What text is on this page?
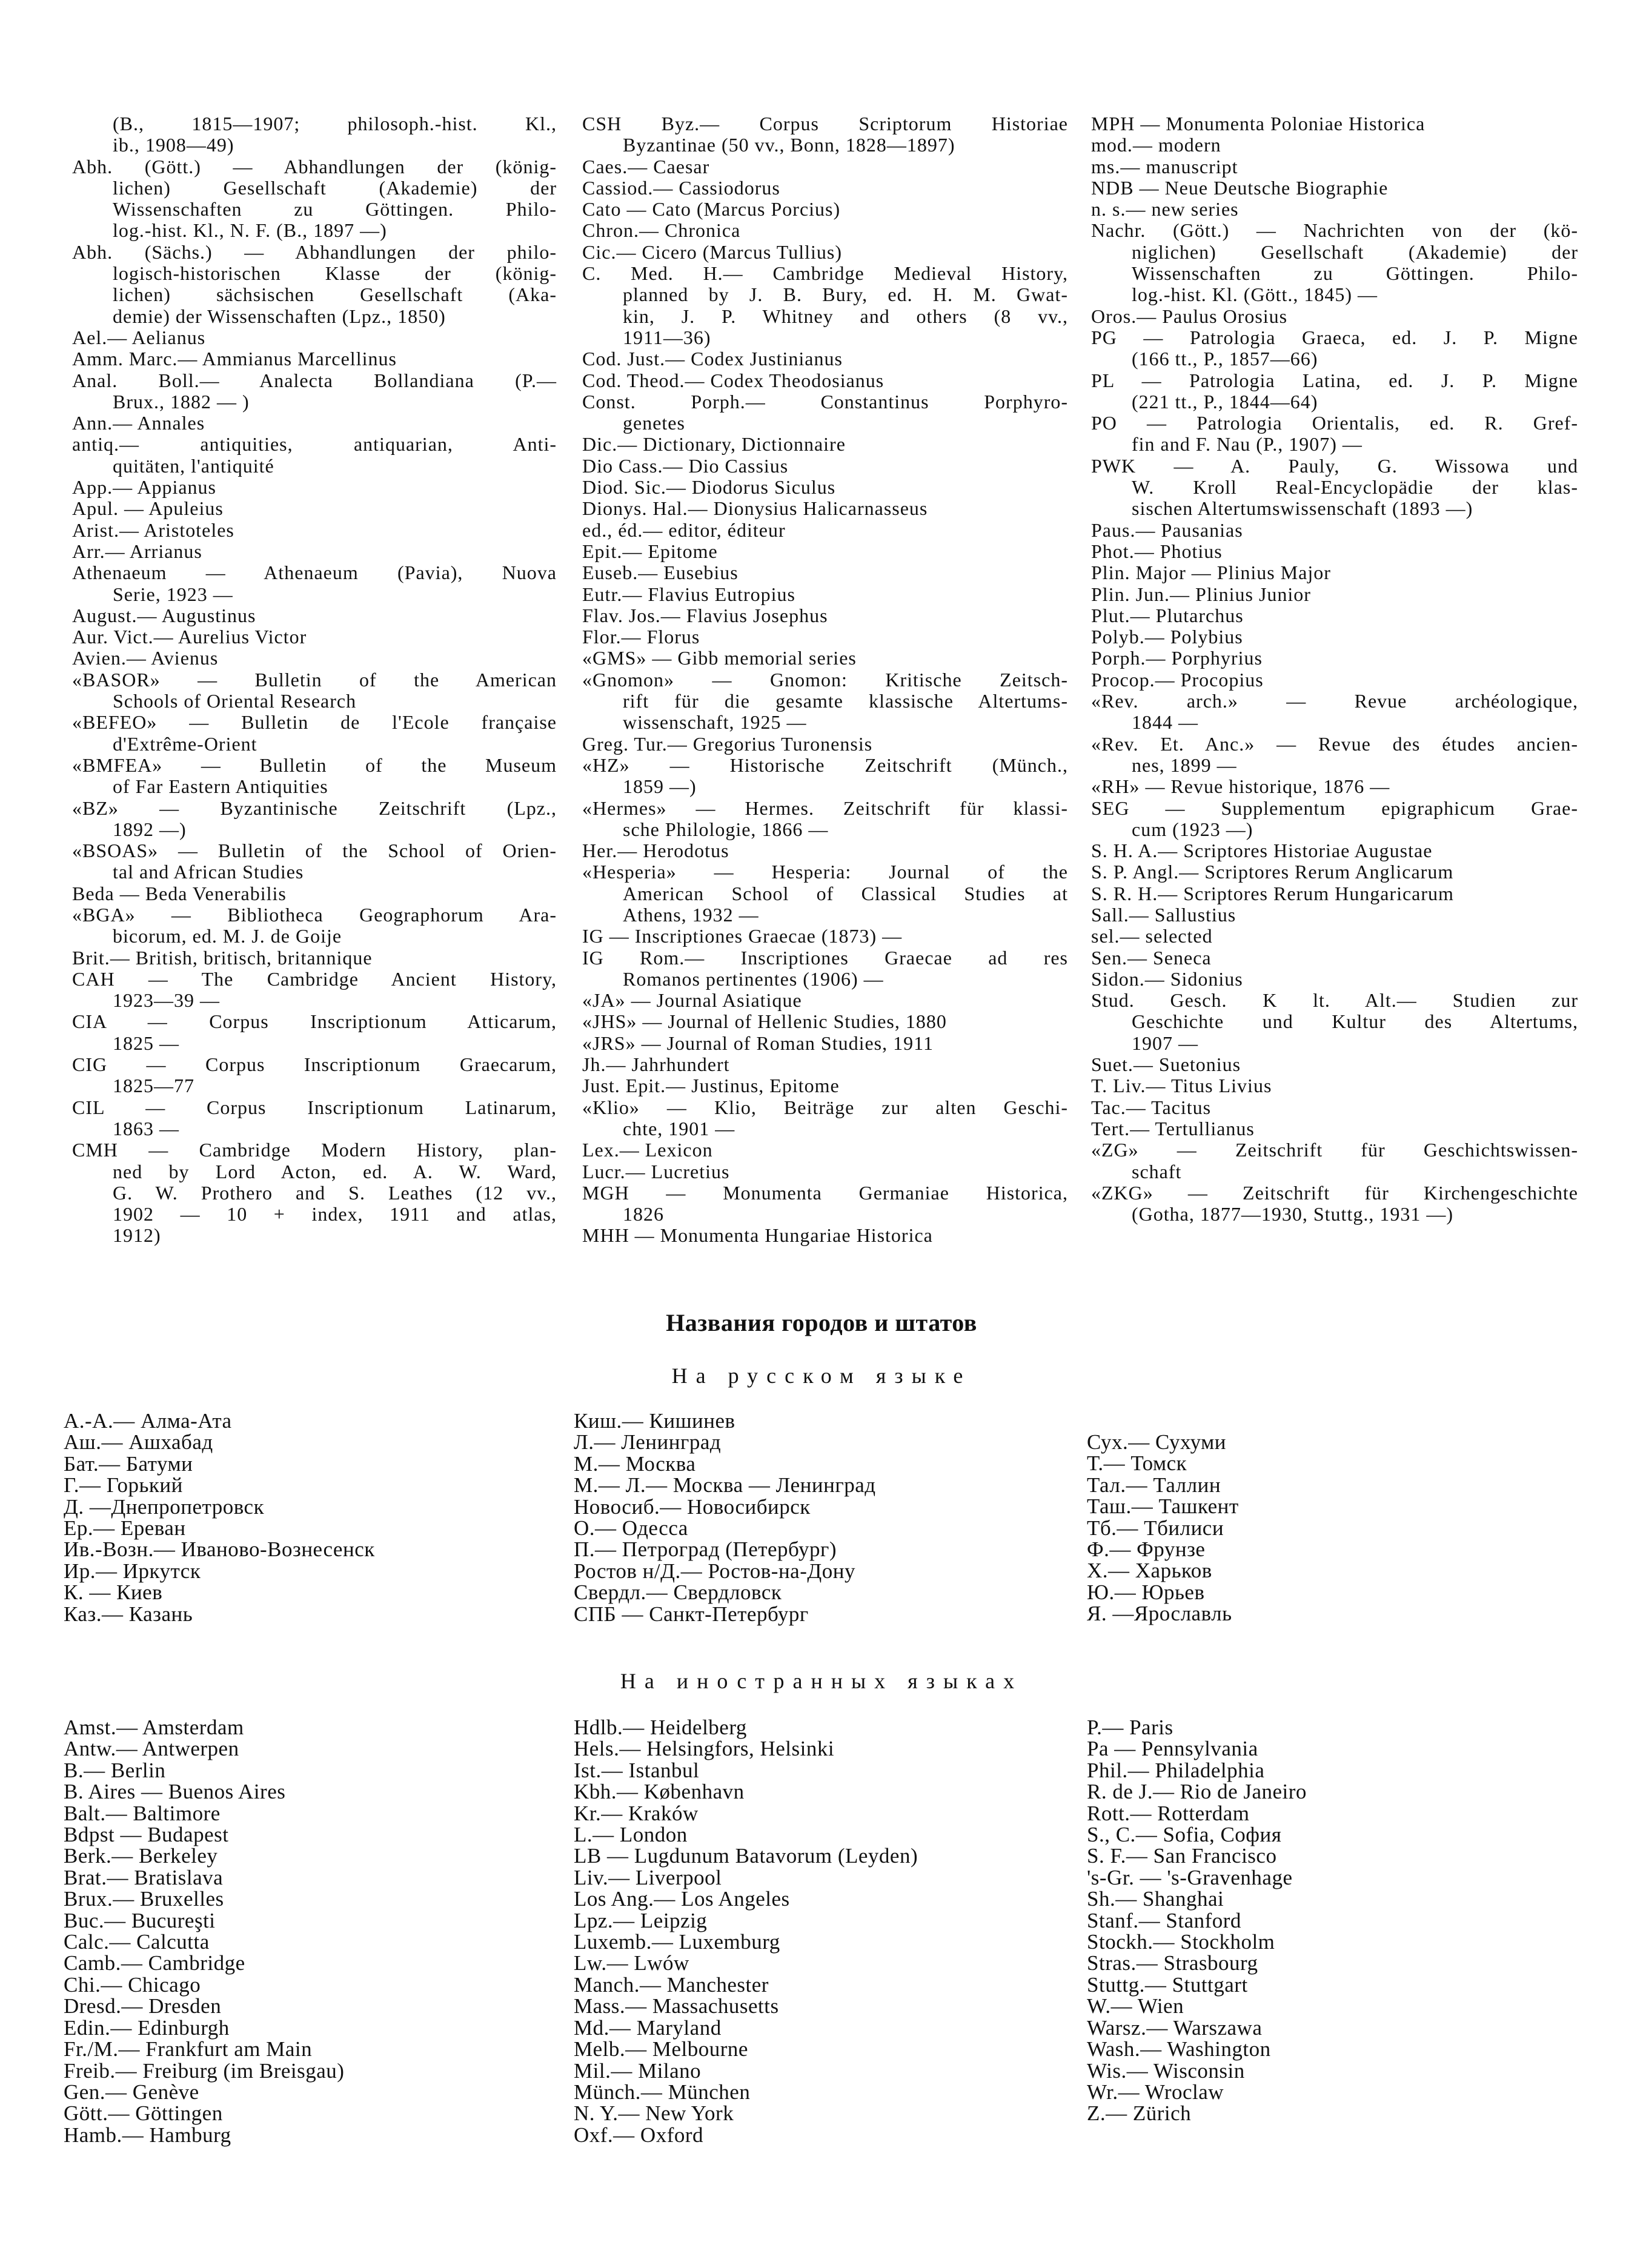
(B., 1815—1907; philosoph.-hist. Kl.,
ib., 1908—49)
Abh. (Gött.) — Abhandlungen der (könig-
lichen) Gesellschaft (Akademie) der
Wissenschaften zu Göttingen. Philo-
log.-hist. Kl., N. F. (B., 1897 —)
Abh. (Sächs.) — Abhandlungen der philo-
logisch-historischen Klasse der (könig-
lichen) sächsischen Gesellschaft (Aka-
demie) der Wissenschaften (Lpz., 1850)
Ael.— Aelianus
Amm. Marc.— Ammianus Marcellinus
Anal. Boll.— Analecta Bollandiana (P.—
Brux., 1882 — )
Ann.— Annales
antiq.— antiquities, antiquarian, Anti-
quitäten, l'antiquité
App.— Appianus
Apul. — Apuleius
Arist.— Aristoteles
Arr.— Arrianus
Athenaeum — Athenaeum (Pavia), Nuova
Serie, 1923 —
August.— Augustinus
Aur. Vict.— Aurelius Victor
Avien.— Avienus
«BASOR» — Bulletin of the American
Schools of Oriental Research
«BEFEO» — Bulletin de l'Ecole française
d'Extrême-Orient
«BMFEA» — Bulletin of the Museum
of Far Eastern Antiquities
«BZ» — Byzantinische Zeitschrift (Lpz.,
1892 —)
«BSOAS» — Bulletin of the School of Orien-
tal and African Studies
Beda — Beda Venerabilis
«BGA» — Bibliotheca Geographorum Ara-
bicorum, ed. M. J. de Goije
Brit.— British, britisch, britannique
CAH — The Cambridge Ancient History,
1923—39 —
CIA — Corpus Inscriptionum Atticarum,
1825 —
CIG — Corpus Inscriptionum Graecarum,
1825—77
CIL — Corpus Inscriptionum Latinarum,
1863 —
CMH — Cambridge Modern History, plan-
ned by Lord Acton, ed. A. W. Ward,
G. W. Prothero and S. Leathes (12 vv.,
1902 — 10 + index, 1911 and atlas,
1912)
CSH Byz.— Corpus Scriptorum Historiae
Byzantinae (50 vv., Bonn, 1828—1897)
Caes.— Caesar
Cassiod.— Cassiodorus
Cato — Cato (Marcus Porcius)
Chron.— Chronica
Cic.— Cicero (Marcus Tullius)
C. Med. H.— Cambridge Medieval History,
planned by J. B. Bury, ed. H. M. Gwat-
kin, J. P. Whitney and others (8 vv.,
1911—36)
Cod. Just.— Codex Justinianus
Cod. Theod.— Codex Theodosianus
Const. Porph.— Constantinus Porphyro-
genetes
Dic.— Dictionary, Dictionnaire
Dio Cass.— Dio Cassius
Diod. Sic.— Diodorus Siculus
Dionys. Hal.— Dionysius Halicarnasseus
ed., éd.— editor, éditeur
Epit.— Epitome
Euseb.— Eusebius
Eutr.— Flavius Eutropius
Flav. Jos.— Flavius Josephus
Flor.— Florus
«GMS» — Gibb memorial series
«Gnomon» — Gnomon: Kritische Zeitsch-
rift für die gesamte klassische Altertums-
wissenschaft, 1925 —
Greg. Tur.— Gregorius Turonensis
«HZ» — Historische Zeitschrift (Münch.,
1859 —)
«Hermes» — Hermes. Zeitschrift für klassi-
sche Philologie, 1866 —
Her.— Herodotus
«Hesperia» — Hesperia: Journal of the
American School of Classical Studies at
Athens, 1932 —
IG — Inscriptiones Graecae (1873) —
IG Rom.— Inscriptiones Graecae ad res
Romanos pertinentes (1906) —
«JA» — Journal Asiatique
«JHS» — Journal of Hellenic Studies, 1880
«JRS» — Journal of Roman Studies, 1911
Jh.— Jahrhundert
Just. Epit.— Justinus, Epitome
«Klio» — Klio, Beiträge zur alten Geschi-
chte, 1901 —
Lex.— Lexicon
Lucr.— Lucretius
MGH — Monumenta Germaniae Historica,
1826
MHH — Monumenta Hungariae Historica
MPH — Monumenta Poloniae Historica
mod.— modern
ms.— manuscript
NDB — Neue Deutsche Biographie
n. s.— new series
Nachr. (Gött.) — Nachrichten von der (kö-
niglichen) Gesellschaft (Akademie) der
Wissenschaften zu Göttingen. Philo-
log.-hist. Kl. (Gött., 1845) —
Oros.— Paulus Orosius
PG — Patrologia Graeca, ed. J. P. Migne
(166 tt., P., 1857—66)
PL — Patrologia Latina, ed. J. P. Migne
(221 tt., P., 1844—64)
PO — Patrologia Orientalis, ed. R. Gref-
fin and F. Nau (P., 1907) —
PWK — A. Pauly, G. Wissowa und
W. Kroll Real-Encyclopädie der klas-
sischen Altertumswissenschaft (1893 —)
Paus.— Pausanias
Phot.— Photius
Plin. Major — Plinius Major
Plin. Jun.— Plinius Junior
Plut.— Plutarchus
Polyb.— Polybius
Porph.— Porphyrius
Procop.— Procopius
«Rev. arch.» — Revue archéologique,
1844 —
«Rev. Et. Anc.» — Revue des études ancien-
nes, 1899 —
«RH» — Revue historique, 1876 —
SEG — Supplementum epigraphicum Grae-
cum (1923 —)
S. H. A.— Scriptores Historiae Augustae
S. P. Angl.— Scriptores Rerum Anglicarum
S. R. H.— Scriptores Rerum Hungaricarum
Sall.— Sallustius
sel.— selected
Sen.— Seneca
Sidon.— Sidonius
Stud. Gesch. K lt. Alt.— Studien zur
Geschichte und Kultur des Altertums,
1907 —
Suet.— Suetonius
T. Liv.— Titus Livius
Tac.— Tacitus
Tert.— Tertullianus
«ZG» — Zeitschrift für Geschichtswissen-
schaft
«ZKG» — Zeitschrift für Kirchengeschichte
(Gotha, 1877—1930, Stuttg., 1931 —)
Названия городов и штатов
На русском языке
А.-А.— Алма-Ата
Аш.— Ашхабад
Бат.— Батуми
Г.— Горький
Д. —Днепропетровск
Ер.— Ереван
Ив.-Возн.— Иваново-Вознесенск
Ир.— Иркутск
К. — Киев
Каз.— Казань
Киш.— Кишинев
Л.— Ленинград
М.— Москва
М.— Л.— Москва — Ленинград
Новосиб.— Новосибирск
О.— Одесса
П.— Петроград (Петербург)
Ростов н/Д.— Ростов-на-Дону
Свердл.— Свердловск
СПБ — Санкт-Петербург
Сух.— Сухуми
Т.— Томск
Тал.— Таллин
Таш.— Ташкент
Тб.— Тбилиси
Ф.— Фрунзе
Х.— Харьков
Ю.— Юрьев
Я. —Ярославль
На иностранных языках
Amst.— Amsterdam
Antw.— Antwerpen
B.— Berlin
B. Aires — Buenos Aires
Balt.— Baltimore
Bdpst — Budapest
Berk.— Berkeley
Brat.— Bratislava
Brux.— Bruxelles
Buc.— Bucureşti
Calc.— Calcutta
Camb.— Cambridge
Chi.— Chicago
Dresd.— Dresden
Edin.— Edinburgh
Fr./M.— Frankfurt am Main
Freib.— Freiburg (im Breisgau)
Gen.— Genève
Gött.— Göttingen
Hamb.— Hamburg
Hdlb.— Heidelberg
Hels.— Helsingfors, Helsinki
Ist.— Istanbul
Kbh.— København
Kr.— Kraków
L.— London
LB — Lugdunum Batavorum (Leyden)
Liv.— Liverpool
Los Ang.— Los Angeles
Lpz.— Leipzig
Luxemb.— Luxemburg
Lw.— Lwów
Manch.— Manchester
Mass.— Massachusetts
Md.— Maryland
Melb.— Melbourne
Mil.— Milano
Münch.— München
N. Y.— New York
Oxf.— Oxford
P.— Paris
Pa — Pennsylvania
Phil.— Philadelphia
R. de J.— Rio de Janeiro
Rott.— Rotterdam
S., C.— Sofia, София
S. F.— San Francisco
's-Gr. — 's-Gravenhage
Sh.— Shanghai
Stanf.— Stanford
Stockh.— Stockholm
Stras.— Strasbourg
Stuttg.— Stuttgart
W.— Wien
Warsz.— Warszawa
Wash.— Washington
Wis.— Wisconsin
Wr.— Wroclaw
Z.— Zürich
